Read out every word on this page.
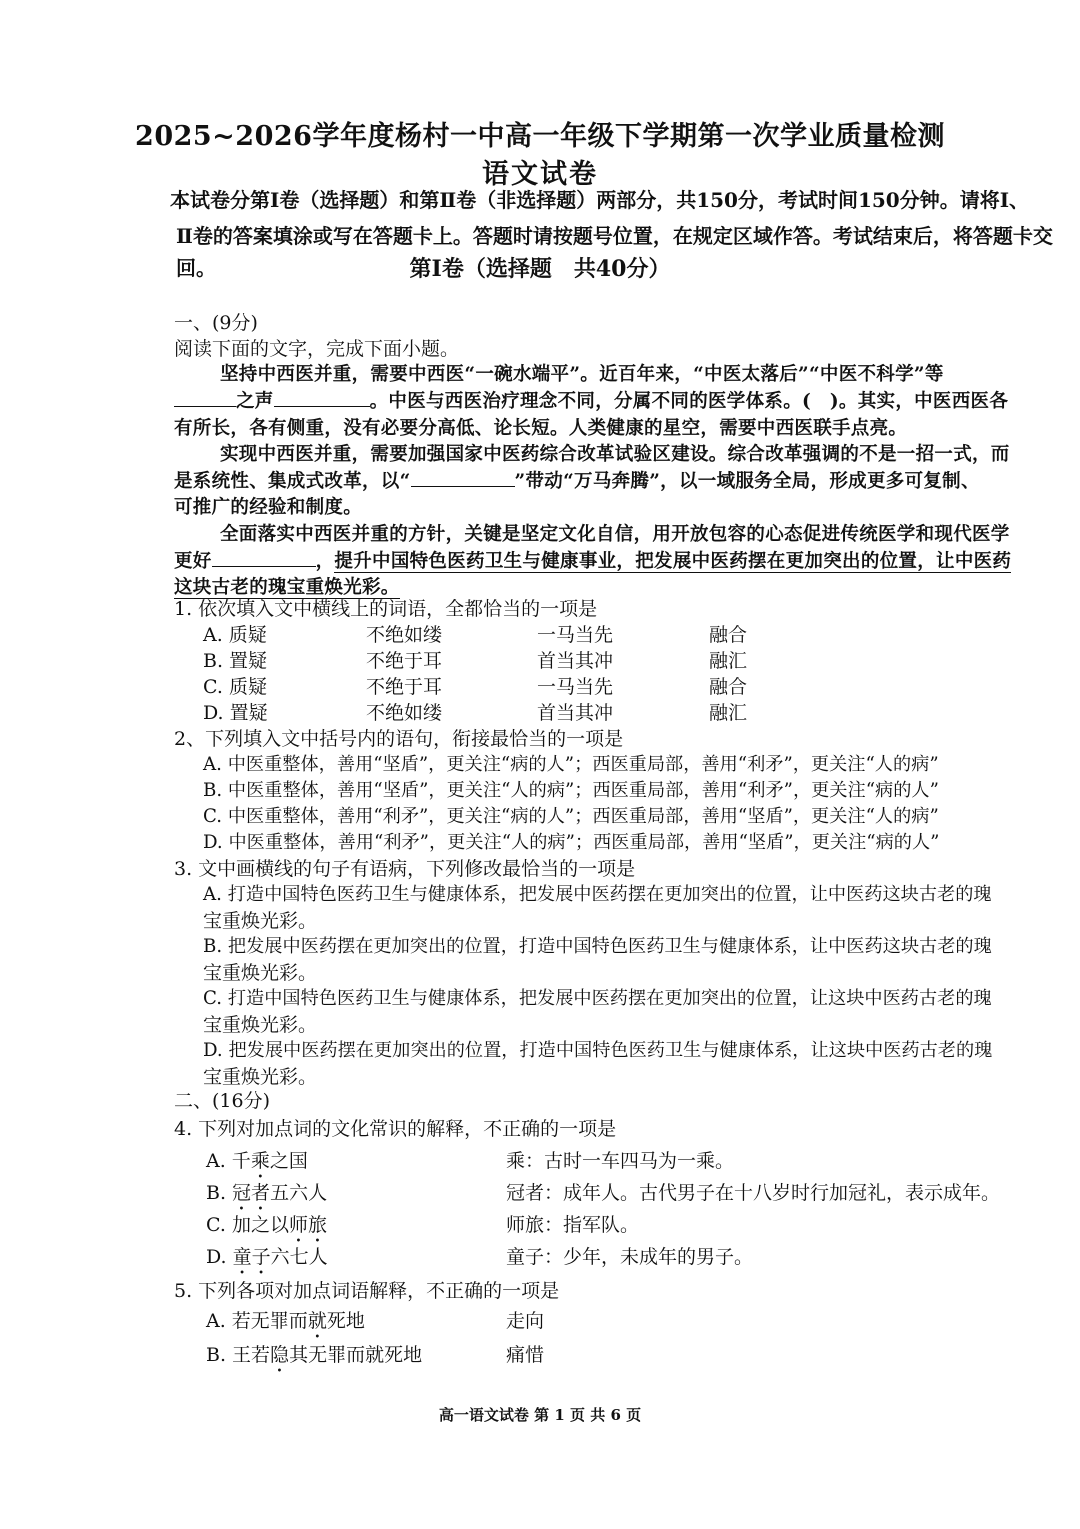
2025~2026学年度杨村一中高一年级下学期第一次学业质量检测
语文试卷
本试卷分第Ⅰ卷（选择题）和第Ⅱ卷（非选择题）两部分，共150分，考试时间150分钟。请将Ⅰ、
Ⅱ卷的答案填涂或写在答题卡上。答题时请按题号位置，在规定区域作答。考试结束后，将答题卡交回。	第Ⅰ卷（选择题　共40分）
一、(9分)
阅读下面的文字，完成下面小题。
坚持中西医并重，需要中西医“一碗水端平”。近百年来，“中医太落后”“中医不科学”等
之声	。中医与西医治疗理念不同，分属不同的医学体系。(　)。其实，中医西医各
有所长，各有侧重，没有必要分高低、论长短。人类健康的星空，需要中西医联手点亮。
实现中西医并重，需要加强国家中医药综合改革试验区建设。综合改革强调的不是一招一式，而
是系统性、集成式改革，以“	”带动“万马奔腾”，以一域服务全局，形成更多可复制、
可推广的经验和制度。
全面落实中西医并重的方针，关键是坚定文化自信，用开放包容的心态促进传统医学和现代医学
更好	，提升中国特色医药卫生与健康事业，把发展中医药摆在更加突出的位置，让中医药
这块古老的瑰宝重焕光彩。
1. 依次填入文中横线上的词语，全都恰当的一项是
A. 质疑	不绝如缕	一马当先	融合
B. 置疑	不绝于耳	首当其冲	融汇
C. 质疑	不绝于耳	一马当先	融合
D. 置疑	不绝如缕	首当其冲	融汇
2、下列填入文中括号内的语句，衔接最恰当的一项是
A. 中医重整体，善用“坚盾”，更关注“病的人”；西医重局部，善用“利矛”，更关注“人的病”
B. 中医重整体，善用“坚盾”，更关注“人的病”；西医重局部，善用“利矛”，更关注“病的人”
C. 中医重整体，善用“利矛”，更关注“病的人”；西医重局部，善用“坚盾”，更关注“人的病”
D. 中医重整体，善用“利矛”，更关注“人的病”；西医重局部，善用“坚盾”，更关注“病的人”
3. 文中画横线的句子有语病，下列修改最恰当的一项是
A. 打造中国特色医药卫生与健康体系，把发展中医药摆在更加突出的位置，让中医药这块古老的瑰
宝重焕光彩。
B. 把发展中医药摆在更加突出的位置，打造中国特色医药卫生与健康体系，让中医药这块古老的瑰
宝重焕光彩。
C. 打造中国特色医药卫生与健康体系，把发展中医药摆在更加突出的位置，让这块中医药古老的瑰
宝重焕光彩。
D. 把发展中医药摆在更加突出的位置，打造中国特色医药卫生与健康体系，让这块中医药古老的瑰
宝重焕光彩。
二、(16分)
4. 下列对加点词的文化常识的解释，不正确的一项是
A. 千乘之国	乘：古时一车四马为一乘。
B. 冠者五六人	冠者：成年人。古代男子在十八岁时行加冠礼，表示成年。
C. 加之以师旅	师旅：指军队。
D. 童子六七人	童子：少年，未成年的男子。
5. 下列各项对加点词语解释，不正确的一项是
A. 若无罪而就死地	走向
B. 王若隐其无罪而就死地	痛惜
高一语文试卷 第 1 页 共 6 页
